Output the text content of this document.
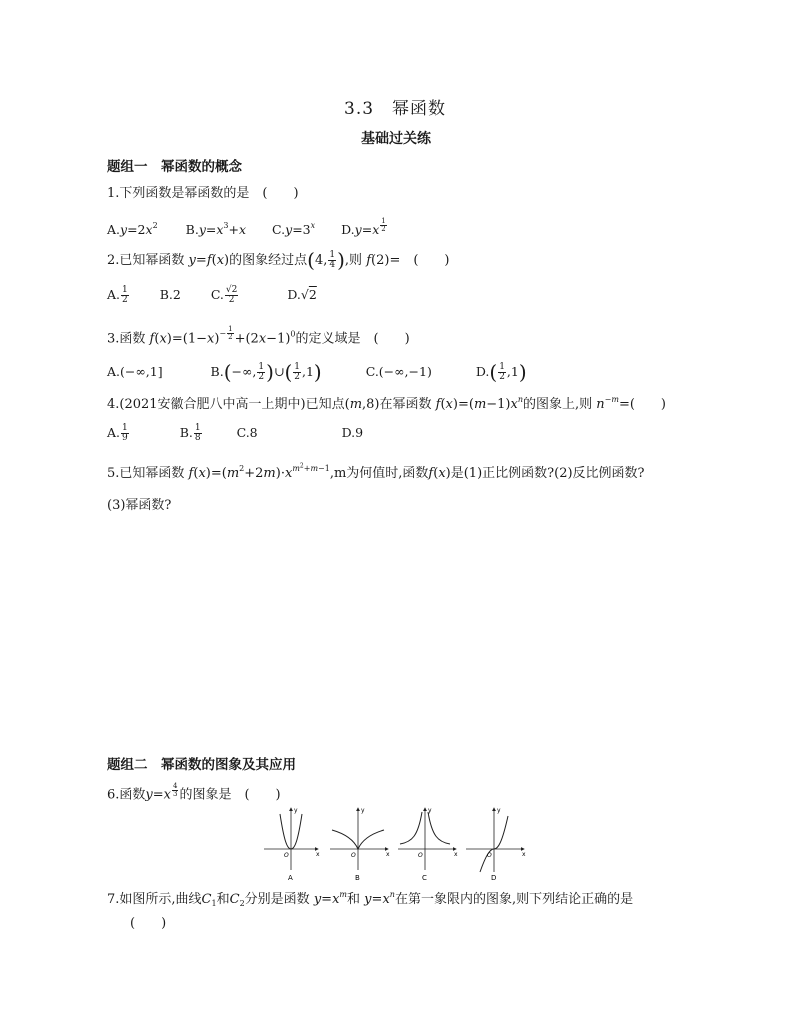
3.3　幂函数
基础过关练
题组一　幂函数的概念
1.下列函数是幂函数的是　(　　)
$A.y=2x^2$ $B.y=x^3+x$ $C.y=3^x$ D.y=x $^{\frac{1}{2}}$
2.已知幂函数 y=f(x)的图象经过点(4, $\frac{1}{4}$ ),则 f(2)=　(　　)
A. $\frac{1}{2} B.2$ C. $\frac{√2}{2}$	D.√2
3.函数 $f(x)=(1-x)^{- \frac{1}{2}} +(2x-1)^0$的定义域是　(　　)
A.(−∞,1]	B.(−∞, $\frac{1}{2}$ )∪( $\frac{1}{2} ,1$)	C.(−∞,−1)	$D.( \frac{1}{2} ,1)$
4.(2021安徽合肥八中高一上期中)已知点(m,8)在幂函数 $f(x)=(m-1)x^n$的图象上,则 $n^{-m}=$(　　)
A. $\frac{1}{9}$	B. $\frac{1}{8}$	C.8	D.9
5.已知幂函数 $f(x)=(m^2+2m)\cdot x^{m^2+m-1},m$为何值时,函数f(x)是(1)正比例函数?(2)反比例函数?
(3)幂函数?
题组二　幂函数的图象及其应用
6.函数y=x $^{\frac{4}{3}}$ 的图象是　(　　)
y
x
O
A
y
x
O
B
y
x
O
C
y
x
O
D
7.如图所示,曲线$C_1$和$C_2$分别是函数 $y=x^m$和 $y=x^n$在第一象限内的图象,则下列结论正确的是
(　　)
